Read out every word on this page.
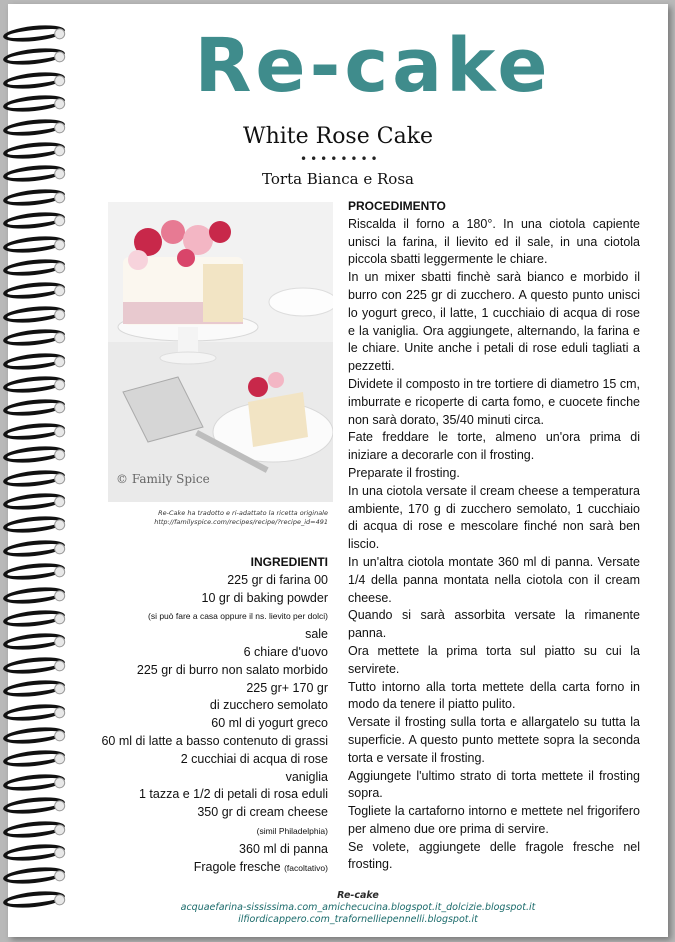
Re-cake
White Rose Cake
••••••••
Torta Bianca e Rosa
© Family Spice
Re-Cake ha tradotto e ri-adattato la ricetta originale
http://familyspice.com/recipes/recipe/?recipe_id=491
INGREDIENTI
225 gr di farina 00
10 gr di baking powder
(si può fare a casa oppure il ns. lievito per dolci)
sale
6 chiare d'uovo
225 gr di burro non salato morbido
225 gr+ 170 gr
di zucchero semolato
60 ml di yogurt greco
60 ml di latte a basso contenuto di grassi
2 cucchiai di acqua di rose
vaniglia
1 tazza e 1/2 di petali di rosa eduli
350 gr di cream cheese
(simil Philadelphia)
360 ml di panna
Fragole fresche (facoltativo)
PROCEDIMENTO

Riscalda il forno a 180°. In una ciotola capiente unisci la farina, il lievito ed il sale, in una ciotola piccola sbatti leggermente le chiare.

In un mixer sbatti finchè sarà bianco e morbido il burro con 225 gr di zucchero. A questo punto unisci lo yogurt greco, il latte, 1 cucchiaio di acqua di rose e la vaniglia. Ora aggiungete, alternando, la farina e le chiare. Unite anche i petali di rose eduli tagliati a pezzetti.

Dividete il composto in tre tortiere di diametro 15 cm, imburrate e ricoperte di carta fomo, e cuocete finche non sarà dorato, 35/40 minuti circa.

Fate freddare le torte, almeno un'ora prima di iniziare a decorarle con il frosting.

Preparate il frosting.

In una ciotola versate il cream cheese a temperatura ambiente, 170 g di zucchero semolato, 1 cucchiaio di acqua di rose e mescolare finché non sarà ben liscio.

In un'altra ciotola montate 360 ml di panna. Versate 1/4 della panna montata nella ciotola con il cream cheese.

Quando si sarà assorbita versate la rimanente panna.

Ora mettete la prima torta sul piatto su cui la servirete.

Tutto intorno alla torta mettete della carta forno in modo da tenere il piatto pulito.

Versate il frosting sulla torta e allargatelo su tutta la superficie. A questo punto mettete sopra la seconda torta e versate il frosting.

Aggiungete l'ultimo strato di torta mettete il frosting sopra.

Togliete la cartaforno intorno e mettete nel frigorifero per almeno due ore prima di servire.

Se volete, aggiungete delle fragole fresche nel frosting.

Re-cake
acquaefarina-sississima.com_amichecucina.blogspot.it_dolcizie.blogspot.it
ilfiordicappero.com_trafornelliepennelli.blogspot.it
